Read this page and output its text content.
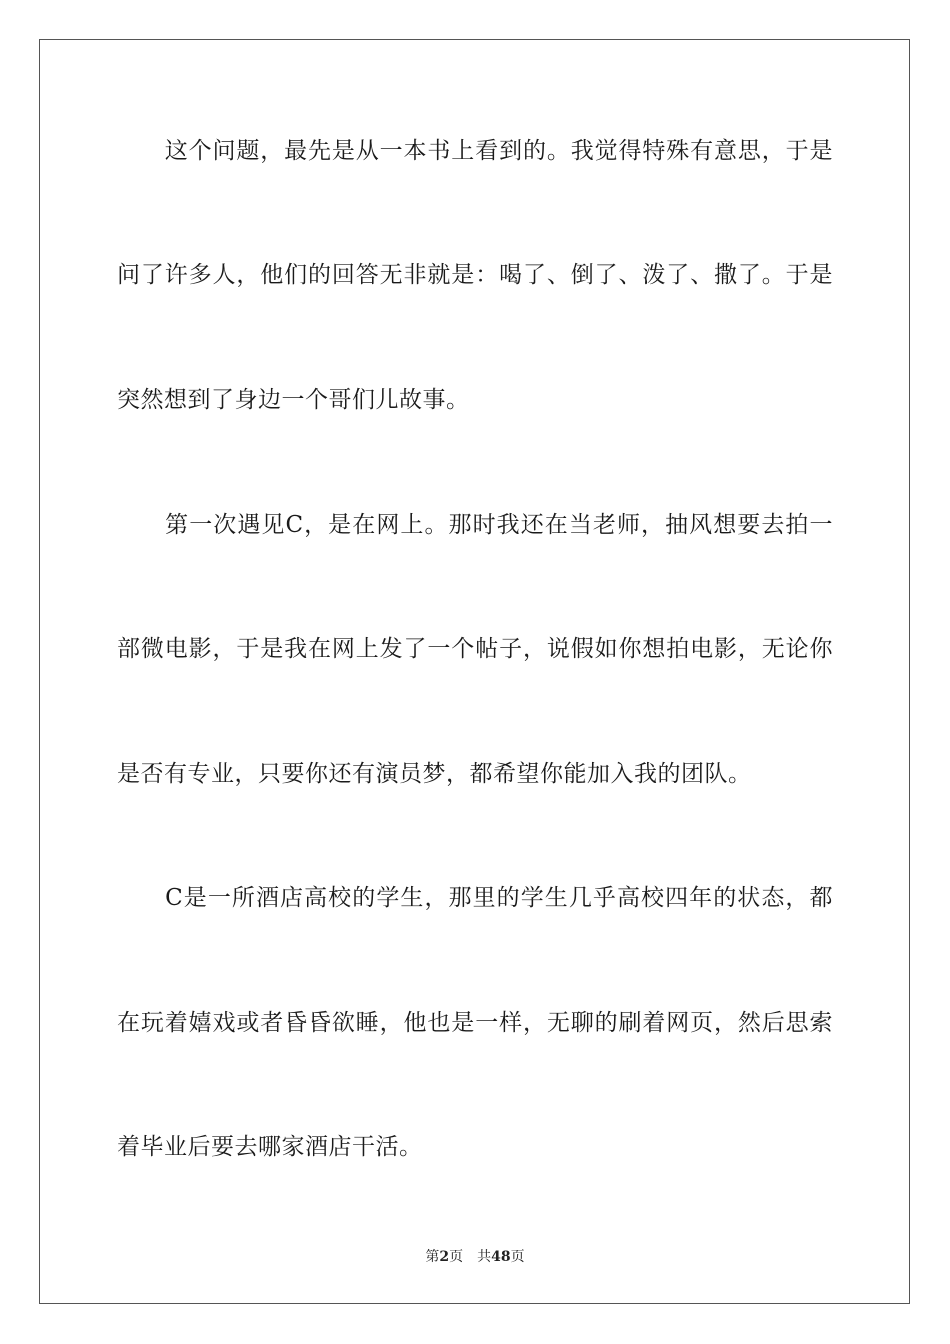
　　这个问题，最先是从一本书上看到的。我觉得特殊有意思，于是
问了许多人，他们的回答无非就是：喝了、倒了、泼了、撒了。于是
突然想到了身边一个哥们儿故事。
　　第一次遇见C，是在网上。那时我还在当老师，抽风想要去拍一
部微电影，于是我在网上发了一个帖子，说假如你想拍电影，无论你
是否有专业，只要你还有演员梦，都希望你能加入我的团队。
　　C是一所酒店高校的学生，那里的学生几乎高校四年的状态，都
在玩着嬉戏或者昏昏欲睡，他也是一样，无聊的刷着网页，然后思索
着毕业后要去哪家酒店干活。
第2页 共48页
